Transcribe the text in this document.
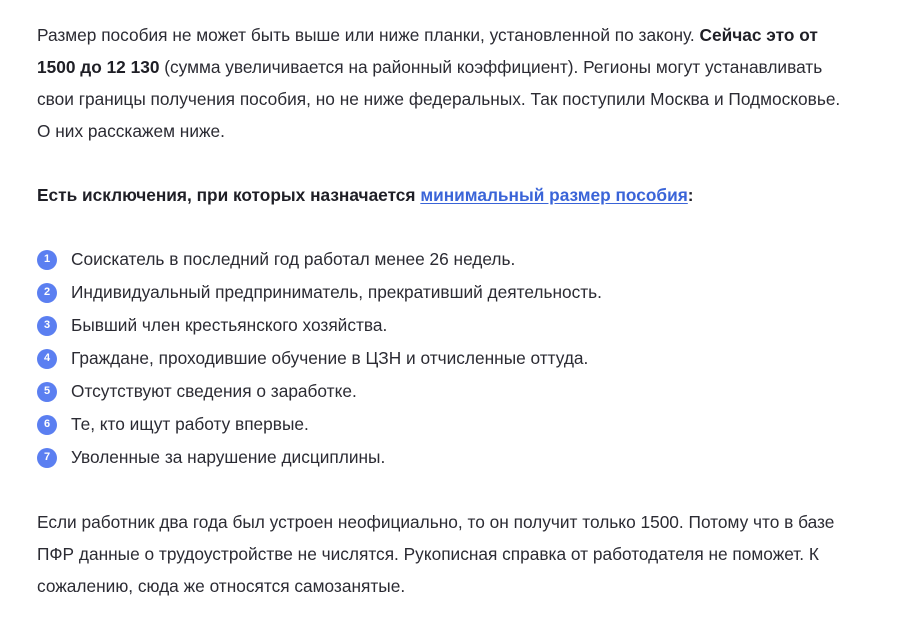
Размер пособия не может быть выше или ниже планки, установленной по закону. Сейчас это от 1500 до 12 130 (сумма увеличивается на районный коэффициент). Регионы могут устанавливать свои границы получения пособия, но не ниже федеральных. Так поступили Москва и Подмосковье. О них расскажем ниже.

Есть исключения, при которых назначается минимальный размер пособия:

1	Соискатель в последний год работал менее 26 недель.
2	Индивидуальный предприниматель, прекративший деятельность.
3	Бывший член крестьянского хозяйства.
4	Граждане, проходившие обучение в ЦЗН и отчисленные оттуда.
5	Отсутствуют сведения о заработке.
6	Те, кто ищут работу впервые.
7	Уволенные за нарушение дисциплины.

Если работник два года был устроен неофициально, то он получит только 1500. Потому что в базе ПФР данные о трудоустройстве не числятся. Рукописная справка от работодателя не поможет. К сожалению, сюда же относятся самозанятые.
